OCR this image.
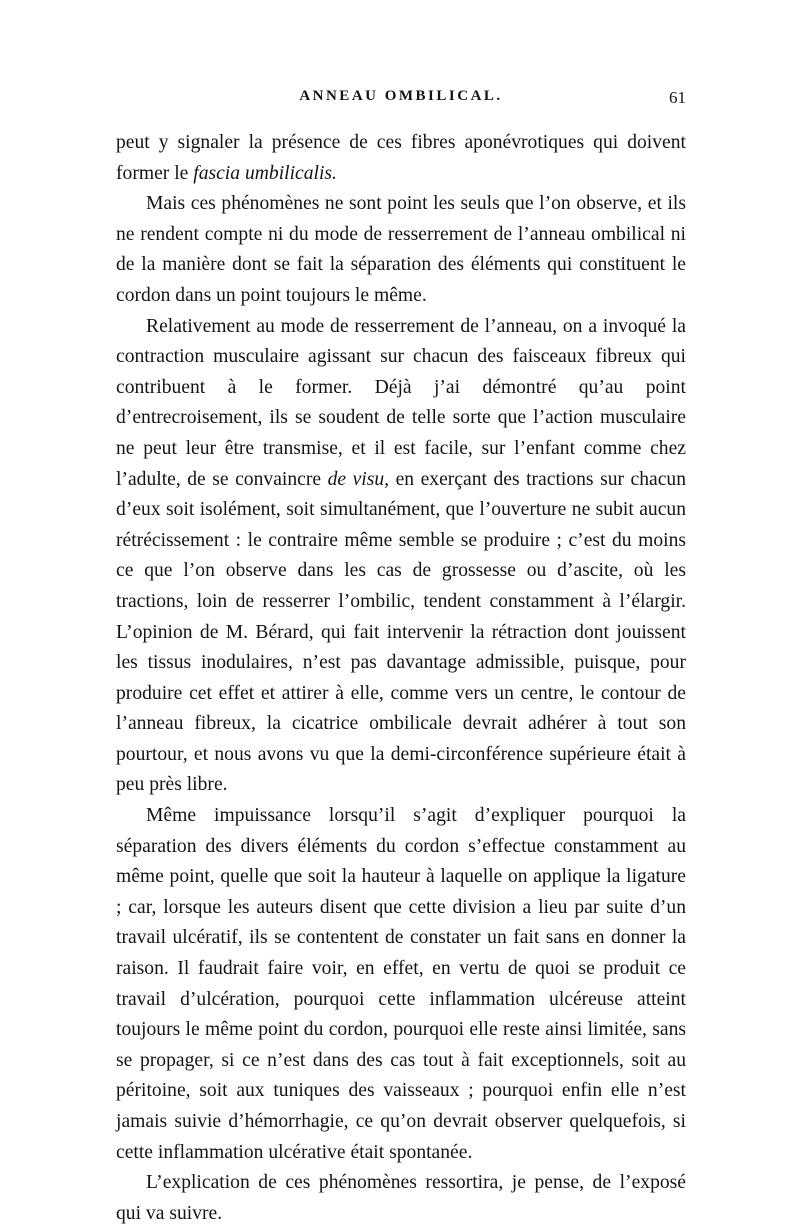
ANNEAU OMBILICAL.	61

peut y signaler la présence de ces fibres aponévrotiques qui doivent former le fascia umbilicalis.

Mais ces phénomènes ne sont point les seuls que l’on observe, et ils ne rendent compte ni du mode de resserrement de l’anneau ombilical ni de la manière dont se fait la séparation des éléments qui constituent le cordon dans un point toujours le même.

Relativement au mode de resserrement de l’anneau, on a invoqué la contraction musculaire agissant sur chacun des faisceaux fibreux qui contribuent à le former. Déjà j’ai démontré qu’au point d’entrecroisement, ils se soudent de telle sorte que l’action musculaire ne peut leur être transmise, et il est facile, sur l’enfant comme chez l’adulte, de se convaincre de visu, en exerçant des tractions sur chacun d’eux soit isolément, soit simultanément, que l’ouverture ne subit aucun rétrécissement : le contraire même semble se produire ; c’est du moins ce que l’on observe dans les cas de grossesse ou d’ascite, où les tractions, loin de resserrer l’ombilic, tendent constamment à l’élargir. L’opinion de M. Bérard, qui fait intervenir la rétraction dont jouissent les tissus inodulaires, n’est pas davantage admissible, puisque, pour produire cet effet et attirer à elle, comme vers un centre, le contour de l’anneau fibreux, la cicatrice ombilicale devrait adhérer à tout son pourtour, et nous avons vu que la demi-circonférence supérieure était à peu près libre.

Même impuissance lorsqu’il s’agit d’expliquer pourquoi la séparation des divers éléments du cordon s’effectue constamment au même point, quelle que soit la hauteur à laquelle on applique la ligature ; car, lorsque les auteurs disent que cette division a lieu par suite d’un travail ulcératif, ils se contentent de constater un fait sans en donner la raison. Il faudrait faire voir, en effet, en vertu de quoi se produit ce travail d’ulcération, pourquoi cette inflammation ulcéreuse atteint toujours le même point du cordon, pourquoi elle reste ainsi limitée, sans se propager, si ce n’est dans des cas tout à fait exceptionnels, soit au péritoine, soit aux tuniques des vaisseaux ; pourquoi enfin elle n’est jamais suivie d’hémorrhagie, ce qu’on devrait observer quelquefois, si cette inflammation ulcérative était spontanée.

L’explication de ces phénomènes ressortira, je pense, de l’exposé qui va suivre.
